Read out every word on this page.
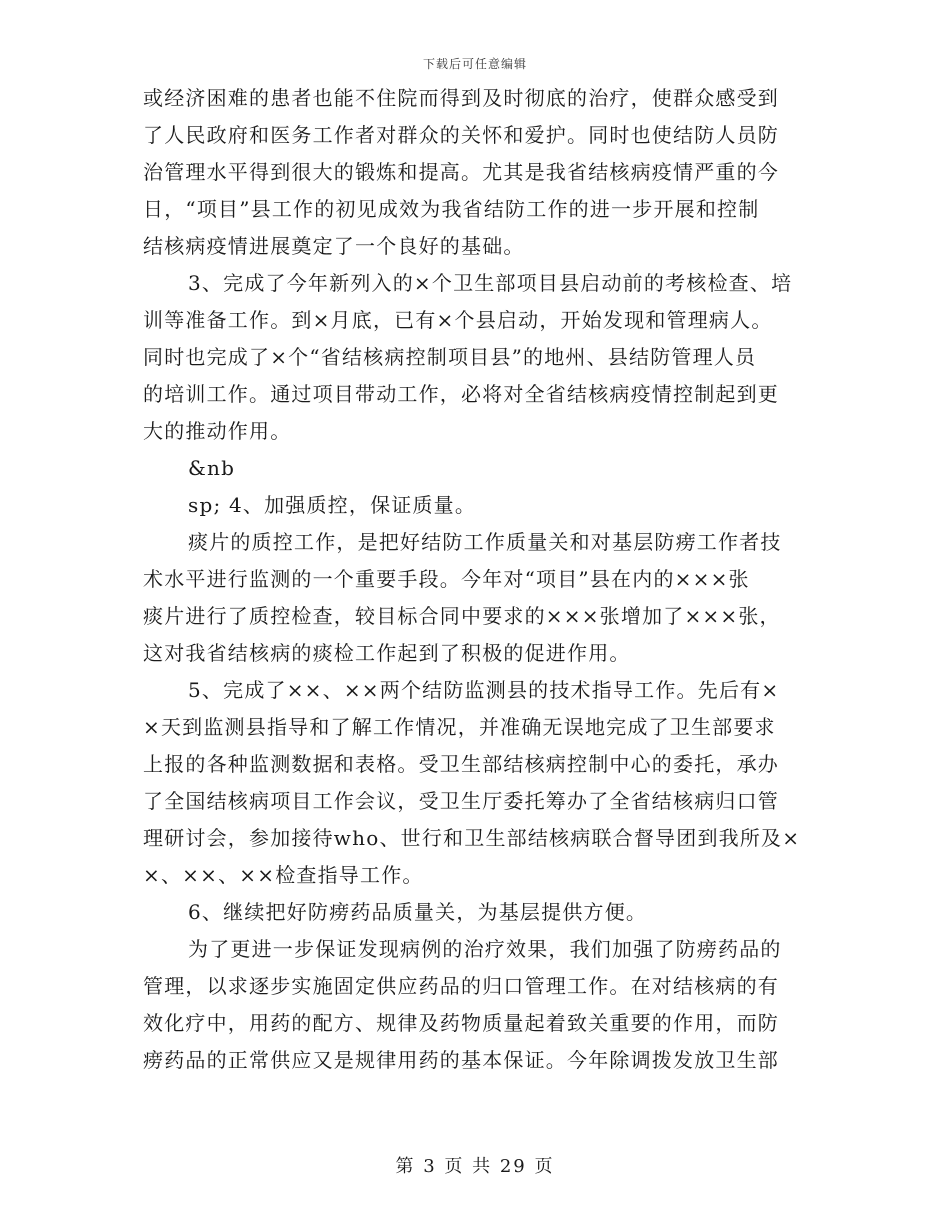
下载后可任意编辑
或经济困难的患者也能不住院而得到及时彻底的治疗，使群众感受到
了人民政府和医务工作者对群众的关怀和爱护。同时也使结防人员防
治管理水平得到很大的锻炼和提高。尤其是我省结核病疫情严重的今
日，“项目”县工作的初见成效为我省结防工作的进一步开展和控制
结核病疫情进展奠定了一个良好的基础。
3、完成了今年新列入的×个卫生部项目县启动前的考核检查、培
训等准备工作。到×月底，已有×个县启动，开始发现和管理病人。
同时也完成了×个“省结核病控制项目县”的地州、县结防管理人员
的培训工作。通过项目带动工作，必将对全省结核病疫情控制起到更
大的推动作用。
&nb
sp; 4、加强质控，保证质量。
痰片的质控工作，是把好结防工作质量关和对基层防痨工作者技
术水平进行监测的一个重要手段。今年对“项目”县在内的×××张
痰片进行了质控检查，较目标合同中要求的×××张增加了×××张，
这对我省结核病的痰检工作起到了积极的促进作用。
5、完成了××、××两个结防监测县的技术指导工作。先后有×
×天到监测县指导和了解工作情况，并准确无误地完成了卫生部要求
上报的各种监测数据和表格。受卫生部结核病控制中心的委托，承办
了全国结核病项目工作会议，受卫生厅委托筹办了全省结核病归口管
理研讨会，参加接待who、世行和卫生部结核病联合督导团到我所及×
×、××、××检查指导工作。
6、继续把好防痨药品质量关，为基层提供方便。
为了更进一步保证发现病例的治疗效果，我们加强了防痨药品的
管理，以求逐步实施固定供应药品的归口管理工作。在对结核病的有
效化疗中，用药的配方、规律及药物质量起着致关重要的作用，而防
痨药品的正常供应又是规律用药的基本保证。今年除调拨发放卫生部
第 3 页 共 29 页
